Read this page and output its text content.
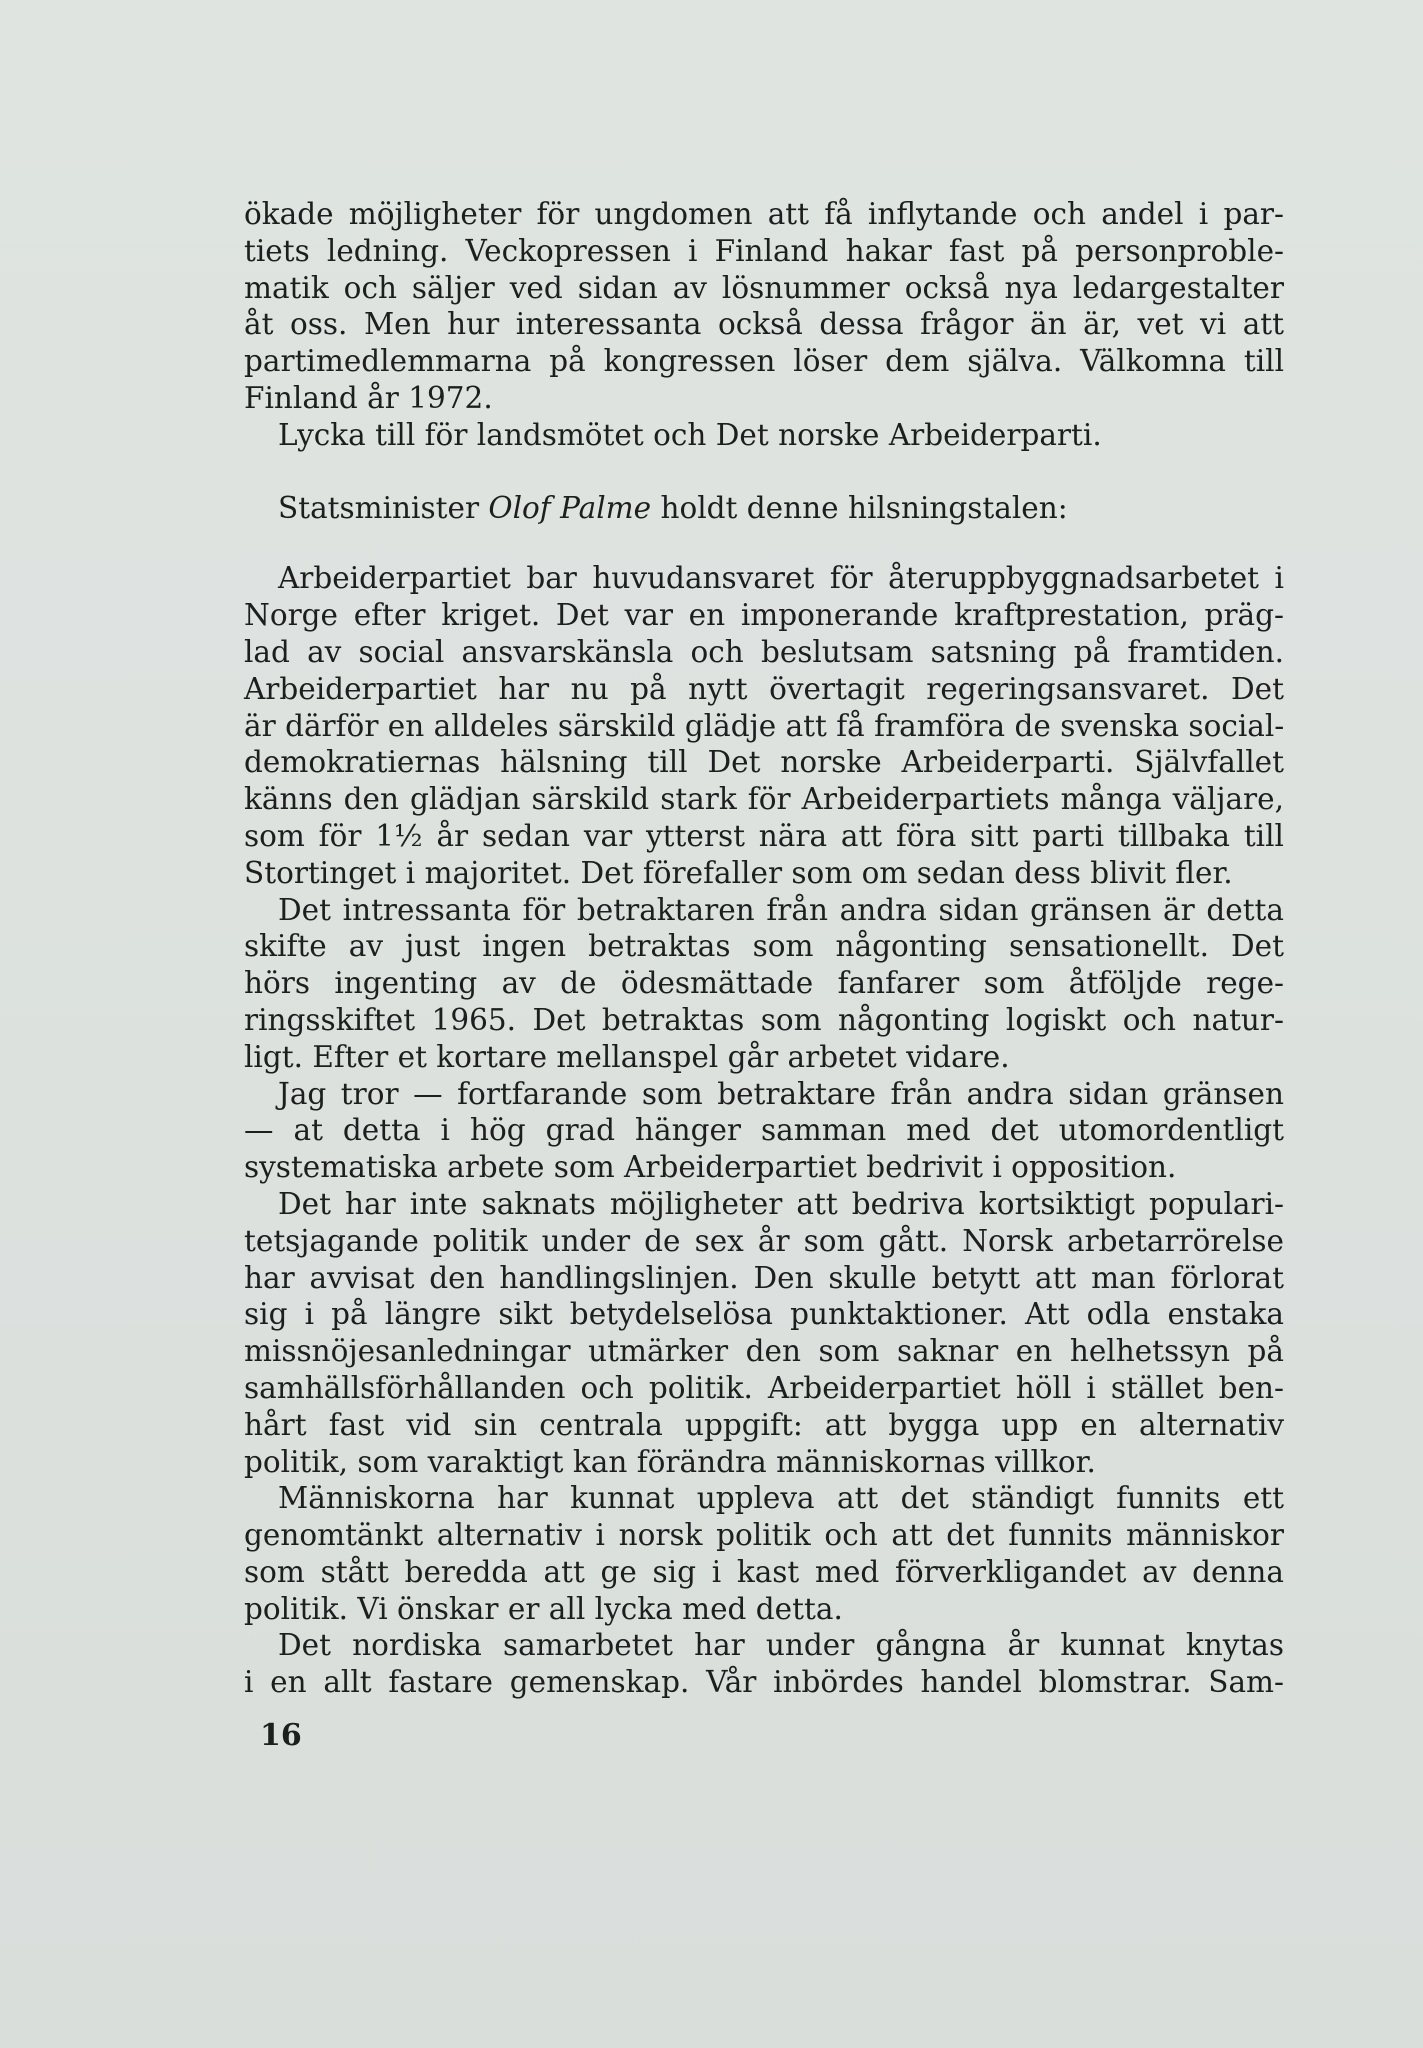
ökade möjligheter för ungdomen att få inflytande och andel i par-
tiets ledning. Veckopressen i Finland hakar fast på personproble-
matik och säljer ved sidan av lösnummer också nya ledargestalter
åt oss. Men hur interessanta också dessa frågor än är, vet vi att
partimedlemmarna på kongressen löser dem själva. Välkomna till
Finland år 1972.
Lycka till för landsmötet och Det norske Arbeiderparti.
Statsminister Olof Palme holdt denne hilsningstalen:
Arbeiderpartiet bar huvudansvaret för återuppbyggnadsarbetet i
Norge efter kriget. Det var en imponerande kraftprestation, präg-
lad av social ansvarskänsla och beslutsam satsning på framtiden.
Arbeiderpartiet har nu på nytt övertagit regeringsansvaret. Det
är därför en alldeles särskild glädje att få framföra de svenska social-
demokratiernas hälsning till Det norske Arbeiderparti. Självfallet
känns den glädjan särskild stark för Arbeiderpartiets många väljare,
som för 1½ år sedan var ytterst nära att föra sitt parti tillbaka till
Stortinget i majoritet. Det förefaller som om sedan dess blivit fler.
Det intressanta för betraktaren från andra sidan gränsen är detta
skifte av just ingen betraktas som någonting sensationellt. Det
hörs ingenting av de ödesmättade fanfarer som åtföljde rege-
ringsskiftet 1965. Det betraktas som någonting logiskt och natur-
ligt. Efter et kortare mellanspel går arbetet vidare.
Jag tror — fortfarande som betraktare från andra sidan gränsen
— at detta i hög grad hänger samman med det utomordentligt
systematiska arbete som Arbeiderpartiet bedrivit i opposition.
Det har inte saknats möjligheter att bedriva kortsiktigt populari-
tetsjagande politik under de sex år som gått. Norsk arbetarrörelse
har avvisat den handlingslinjen. Den skulle betytt att man förlorat
sig i på längre sikt betydelselösa punktaktioner. Att odla enstaka
missnöjesanledningar utmärker den som saknar en helhetssyn på
samhällsförhållanden och politik. Arbeiderpartiet höll i stället ben-
hårt fast vid sin centrala uppgift: att bygga upp en alternativ
politik, som varaktigt kan förändra människornas villkor.
Människorna har kunnat uppleva att det ständigt funnits ett
genomtänkt alternativ i norsk politik och att det funnits människor
som stått beredda att ge sig i kast med förverkligandet av denna
politik. Vi önskar er all lycka med detta.
Det nordiska samarbetet har under gångna år kunnat knytas
i en allt fastare gemenskap. Vår inbördes handel blomstrar. Sam-
16
